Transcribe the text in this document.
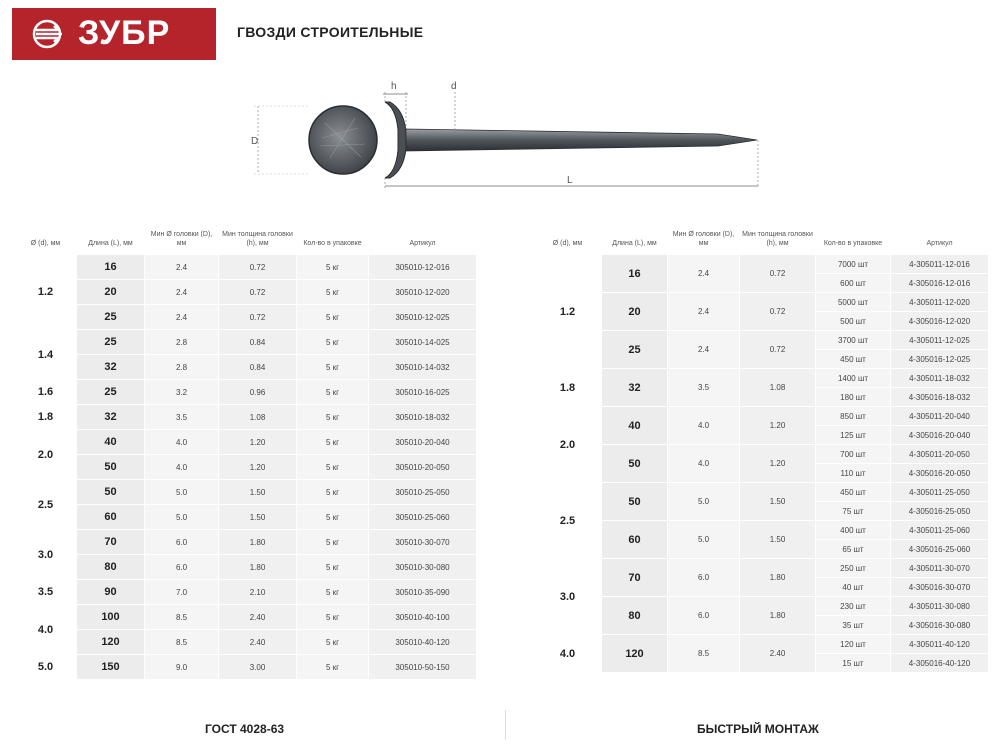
ЗУБР	ГВОЗДИ СТРОИТЕЛЬНЫЕ
D
h	d
L
Ø (d), мм	Длина (L), мм	Мин Ø головки (D), мм	Мин толщина головки (h), мм	Кол-во в упаковке	Артикул
1.2	16	2.4	0.72	5 кг	305010-12-016
	20	2.4	0.72	5 кг	305010-12-020
	25	2.4	0.72	5 кг	305010-12-025
1.4	25	2.8	0.84	5 кг	305010-14-025
	32	2.8	0.84	5 кг	305010-14-032
1.6	25	3.2	0.96	5 кг	305010-16-025
1.8	32	3.5	1.08	5 кг	305010-18-032
2.0	40	4.0	1.20	5 кг	305010-20-040
	50	4.0	1.20	5 кг	305010-20-050
2.5	50	5.0	1.50	5 кг	305010-25-050
	60	5.0	1.50	5 кг	305010-25-060
3.0	70	6.0	1.80	5 кг	305010-30-070
	80	6.0	1.80	5 кг	305010-30-080
3.5	90	7.0	2.10	5 кг	305010-35-090
4.0	100	8.5	2.40	5 кг	305010-40-100
	120	8.5	2.40	5 кг	305010-40-120
5.0	150	9.0	3.00	5 кг	305010-50-150
Ø (d), мм	Длина (L), мм	Мин Ø головки (D), мм	Мин толщина головки (h), мм	Кол-во в упаковке	Артикул
1.2	16	2.4	0.72	7000 шт	4-305011-12-016
				600 шт	4-305016-12-016
	20	2.4	0.72	5000 шт	4-305011-12-020
				500 шт	4-305016-12-020
	25	2.4	0.72	3700 шт	4-305011-12-025
				450 шт	4-305016-12-025
1.8	32	3.5	1.08	1400 шт	4-305011-18-032
				180 шт	4-305016-18-032
2.0	40	4.0	1.20	850 шт	4-305011-20-040
				125 шт	4-305016-20-040
	50	4.0	1.20	700 шт	4-305011-20-050
				110 шт	4-305016-20-050
2.5	50	5.0	1.50	450 шт	4-305011-25-050
				75 шт	4-305016-25-050
	60	5.0	1.50	400 шт	4-305011-25-060
				65 шт	4-305016-25-060
3.0	70	6.0	1.80	250 шт	4-305011-30-070
				40 шт	4-305016-30-070
	80	6.0	1.80	230 шт	4-305011-30-080
				35 шт	4-305016-30-080
4.0	120	8.5	2.40	120 шт	4-305011-40-120
				15 шт	4-305016-40-120
ГОСТ 4028-63	БЫСТРЫЙ МОНТАЖ
